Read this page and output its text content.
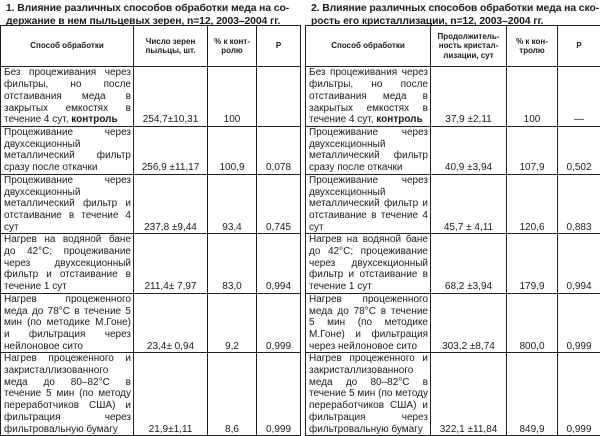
1. Влияние различных способов обработки меда на со-
держание в нем пыльцевых зерен, n=12, 2003–2004 гг.
Способ обработки	Число зерен пыльцы, шт.	% к конт- ролю	Р
Без процеживания через фильтры, но после отстаивания меда в закрытых емкостях в течение 4 сут, контроль	254,7±10,31	100	
Процеживание через двухсекционный металлический фильтр сразу после откачки	256,9 ±11,17	100,9	0,078
Процеживание через двухсекционный металлический фильтр и отстаивание в течение 4 сут	237,8 ±9,44	93,4	0,745
Нагрев на водяной бане до 42°С; процеживание через двухсекционный фильтр и отстаивание в течение 1 сут	211,4± 7,97	83,0	0,994
Нагрев процеженного меда до 78°С в течение 5 мин (по методике М.Гоне) и фильтрация через нейлоновое сито	23,4± 0,94	9,2	0,999
Нагрев процеженного и закристаллизованного меда до 80–82°С в течение 5 мин (по методу переработчиков США) и фильтрация через фильтровальную бумагу	21,9±1,11	8,6	0,999
2. Влияние различных способов обработки меда на ско-
рость его кристаллизации, n=12, 2003–2004 гг.
Способ обработки	Продолжитель- ность кристал- лизации, сут	% к кон- тролю	Р
Без процеживания через фильтры, но после отстаивания меда в закрытых емкостях в течение 4 сут, контроль	37,9 ±2,11	100	—
Процеживание через двухсекционный металлический фильтр сразу после откачки	40,9 ±3,94	107,9	0,502
Процеживание через двухсекционный металлический фильтр и отстаивание в течение 4 сут	45,7 ± 4,11	120,6	0,883
Нагрев на водяной бане до 42°С; процеживание через двухсекционный фильтр и отстаивание в течение 1 сут	68,2 ±3,94	179,9	0,994
Нагрев процеженного меда до 78°С в течение 5 мин (по методике М.Гоне) и фильтрация через нейлоновое сито	303,2 ±8,74	800,0	0,999
Нагрев процеженного и закристаллизованного меда до 80–82°С в течение 5 мин (по методу переработчиков США) и фильтрация через фильтровальную бумагу	322,1 ±11,84	849,9	0,999
